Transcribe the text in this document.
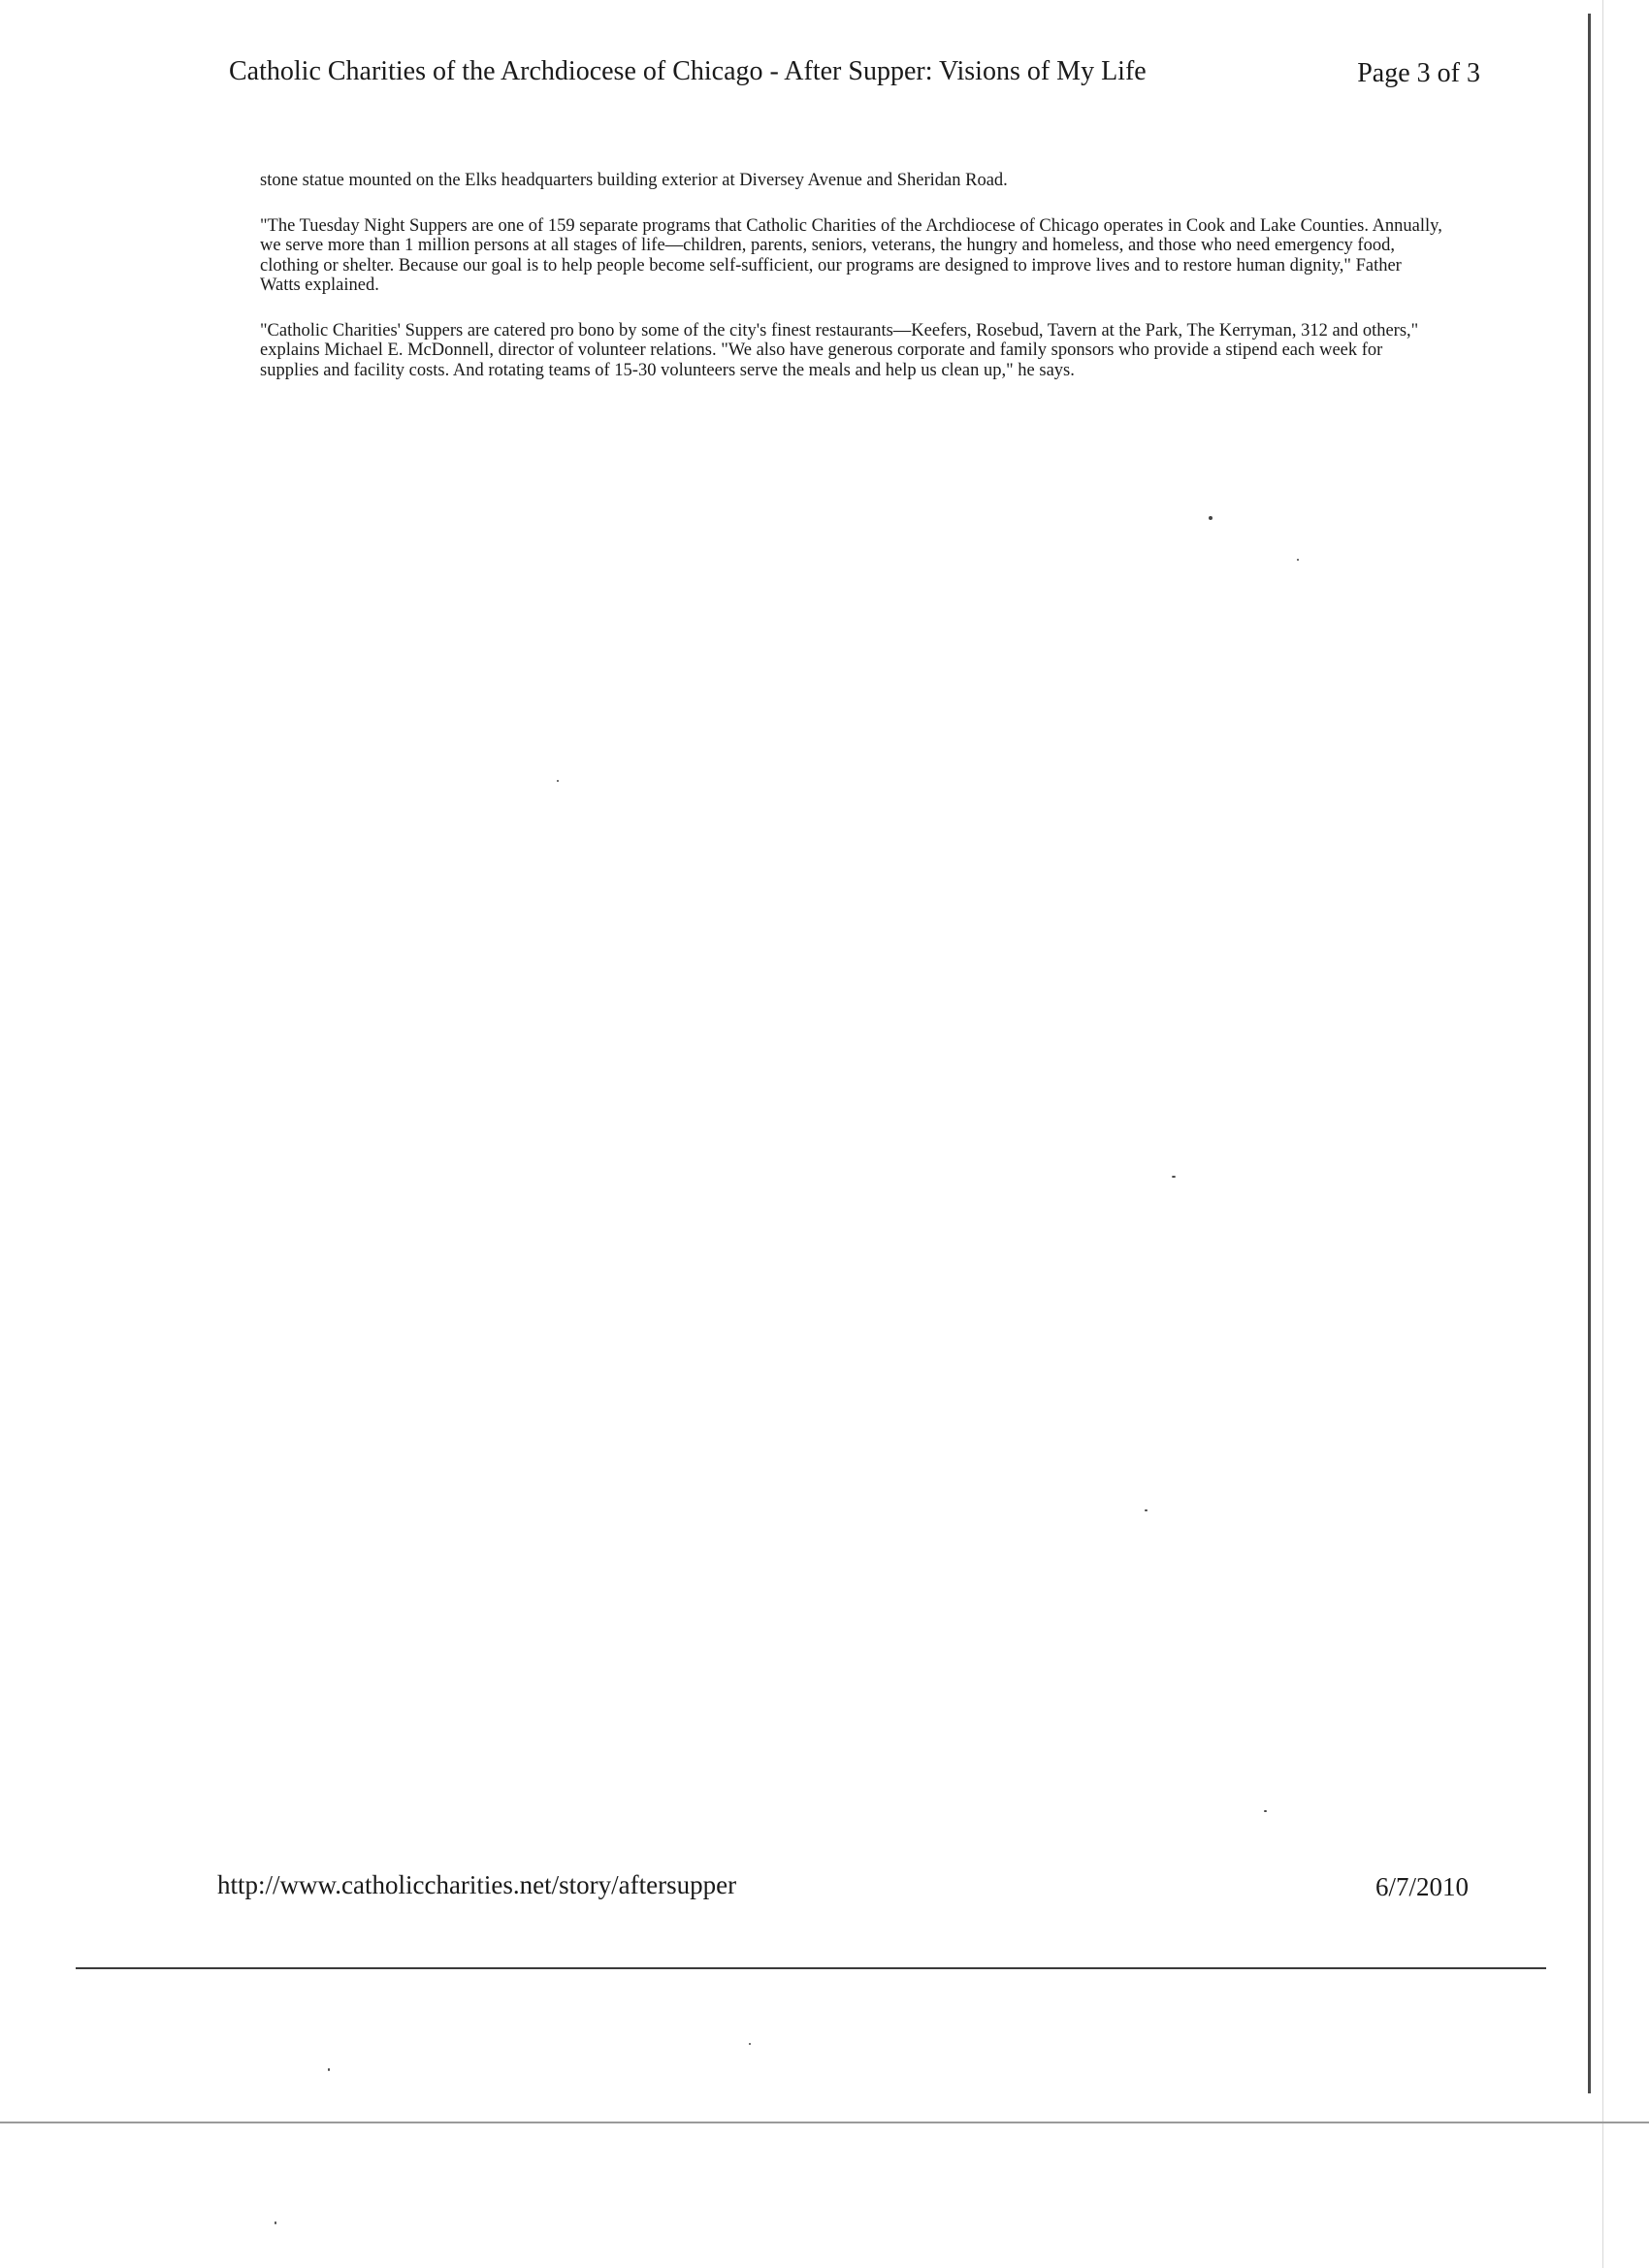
Catholic Charities of the Archdiocese of Chicago - After Supper: Visions of My Life	Page 3 of 3

stone statue mounted on the Elks headquarters building exterior at Diversey Avenue and Sheridan Road.

"The Tuesday Night Suppers are one of 159 separate programs that Catholic Charities of the Archdiocese of Chicago operates in Cook and Lake Counties. Annually, we serve more than 1 million persons at all stages of life—children, parents, seniors, veterans, the hungry and homeless, and those who need emergency food, clothing or shelter. Because our goal is to help people become self-sufficient, our programs are designed to improve lives and to restore human dignity," Father Watts explained.

"Catholic Charities' Suppers are catered pro bono by some of the city's finest restaurants—Keefers, Rosebud, Tavern at the Park, The Kerryman, 312 and others," explains Michael E. McDonnell, director of volunteer relations. "We also have generous corporate and family sponsors who provide a stipend each week for supplies and facility costs. And rotating teams of 15-30 volunteers serve the meals and help us clean up," he says.

http://www.catholiccharities.net/story/aftersupper	6/7/2010
